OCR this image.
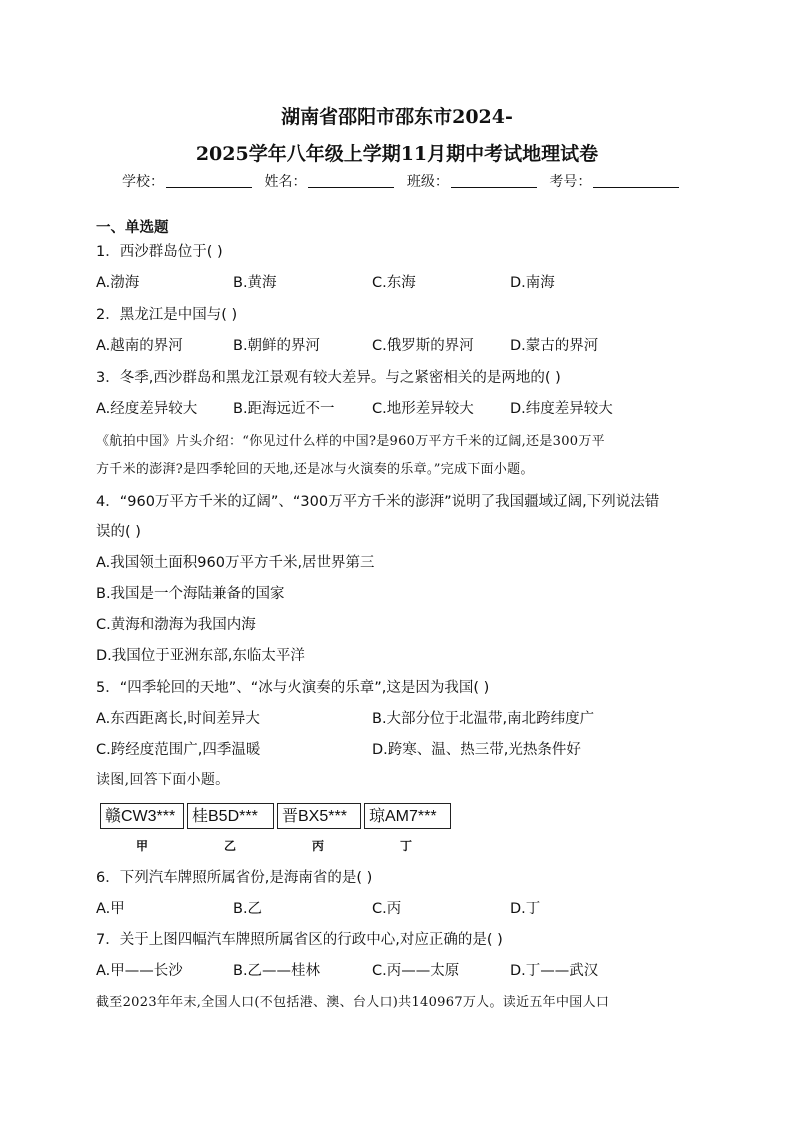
湖南省邵阳市邵东市2024-
2025学年八年级上学期11月期中考试地理试卷
学校：	姓名：	班级：	考号：
一、单选题
1．西沙群岛位于( )
A.渤海	B.黄海	C.东海	D.南海
2．黑龙江是中国与( )
A.越南的界河	B.朝鲜的界河	C.俄罗斯的界河	D.蒙古的界河
3．冬季,西沙群岛和黑龙江景观有较大差异。与之紧密相关的是两地的( )
A.经度差异较大 B.距海远近不一	C.地形差异较大	D.纬度差异较大
《航拍中国》片头介绍：“你见过什么样的中国?是960万平方千米的辽阔,还是300万平
方千米的澎湃?是四季轮回的天地,还是冰与火演奏的乐章。”完成下面小题。
4．“960万平方千米的辽阔”、“300万平方千米的澎湃”说明了我国疆域辽阔,下列说法错
误的( )
A.我国领土面积960万平方千米,居世界第三
B.我国是一个海陆兼备的国家
C.黄海和渤海为我国内海
D.我国位于亚洲东部,东临太平洋
5．“四季轮回的天地”、“冰与火演奏的乐章”,这是因为我国( )
A.东西距离长,时间差异大	B.大部分位于北温带,南北跨纬度广
C.跨经度范围广,四季温暖	D.跨寒、温、热三带,光热条件好
读图,回答下面小题。
赣CW3***	桂B5D***	晋BX5***	琼AM7***
甲	乙	丙	丁
6．下列汽车牌照所属省份,是海南省的是( )
A.甲	B.乙	C.丙	D.丁
7．关于上图四幅汽车牌照所属省区的行政中心,对应正确的是( )
A.甲——长沙	B.乙——桂林	C.丙——太原	D.丁——武汉
截至2023年年末,全国人口(不包括港、澳、台人口)共140967万人。读近五年中国人口
